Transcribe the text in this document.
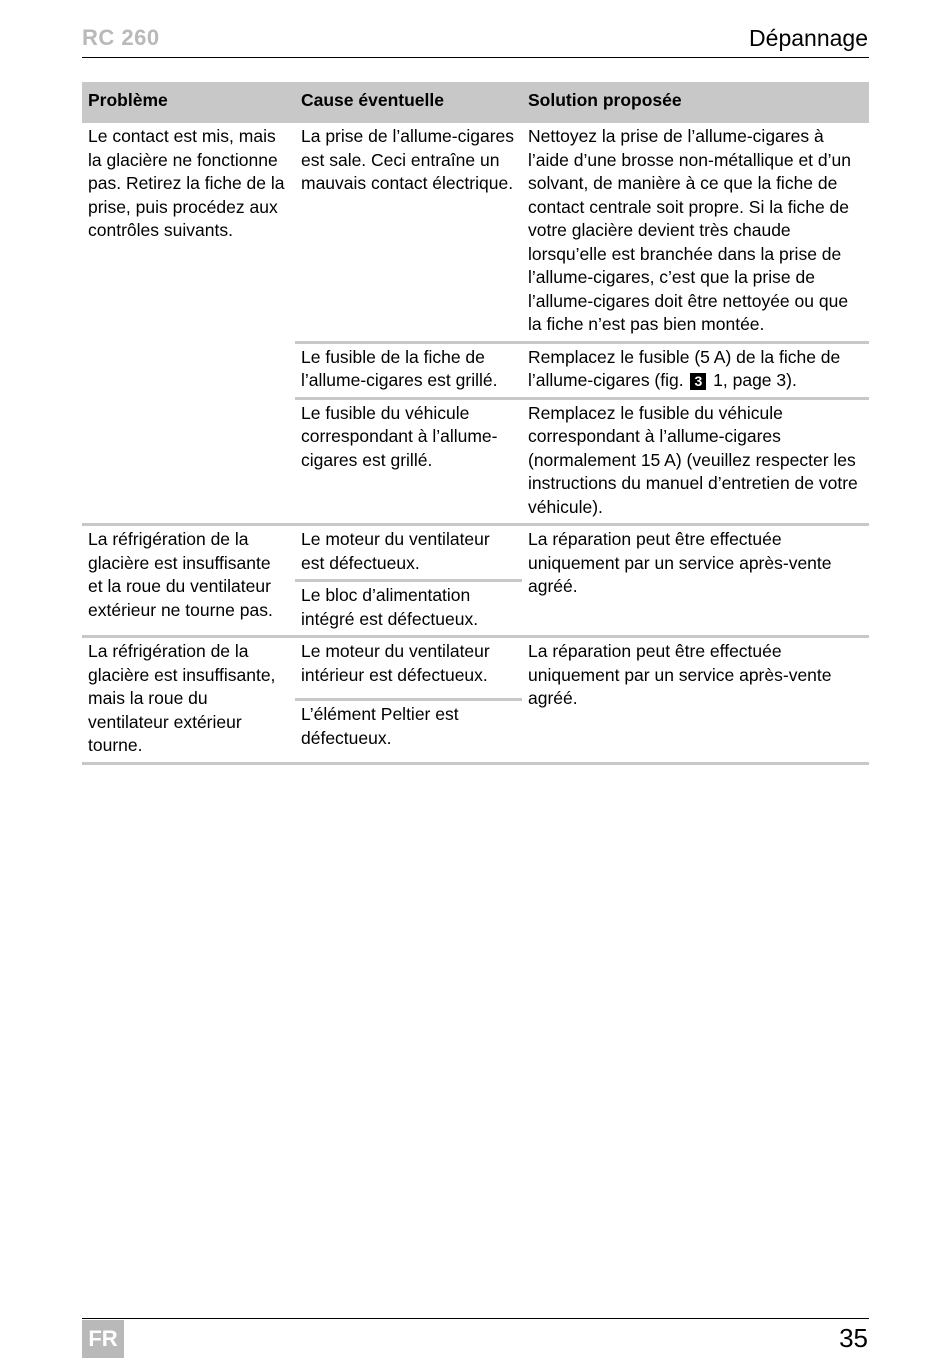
RC 260	Dépannage
Problème	Cause éventuelle	Solution proposée
Le contact est mis, mais la glacière ne fonctionne pas. Retirez la fiche de la prise, puis procédez aux contrôles suivants.	La prise de l’allume-cigares est sale. Ceci entraîne un mauvais contact électrique.	Nettoyez la prise de l’allume-cigares à l’aide d’une brosse non-métallique et d’un solvant, de manière à ce que la fiche de contact centrale soit propre. Si la fiche de votre glacière devient très chaude lorsqu’elle est branchée dans la prise de l’allume-cigares, c’est que la prise de l’allume-cigares doit être nettoyée ou que la fiche n’est pas bien montée.
	Le fusible de la fiche de l’allume-cigares est grillé.	Remplacez le fusible (5 A) de la fiche de l’allume-cigares (fig. 3 1, page 3).
	Le fusible du véhicule correspondant à l’allume-cigares est grillé.	Remplacez le fusible du véhicule correspondant à l’allume-cigares (normalement 15 A) (veuillez respecter les instructions du manuel d’entretien de votre véhicule).
La réfrigération de la glacière est insuffisante et la roue du ventilateur extérieur ne tourne pas.	Le moteur du ventilateur est défectueux.	La réparation peut être effectuée uniquement par un service après-vente agréé.
	Le bloc d’alimentation intégré est défectueux.	
La réfrigération de la glacière est insuffisante, mais la roue du ventilateur extérieur tourne.	Le moteur du ventilateur intérieur est défectueux.	La réparation peut être effectuée uniquement par un service après-vente agréé.
	L’élément Peltier est défectueux.	
FR	35
